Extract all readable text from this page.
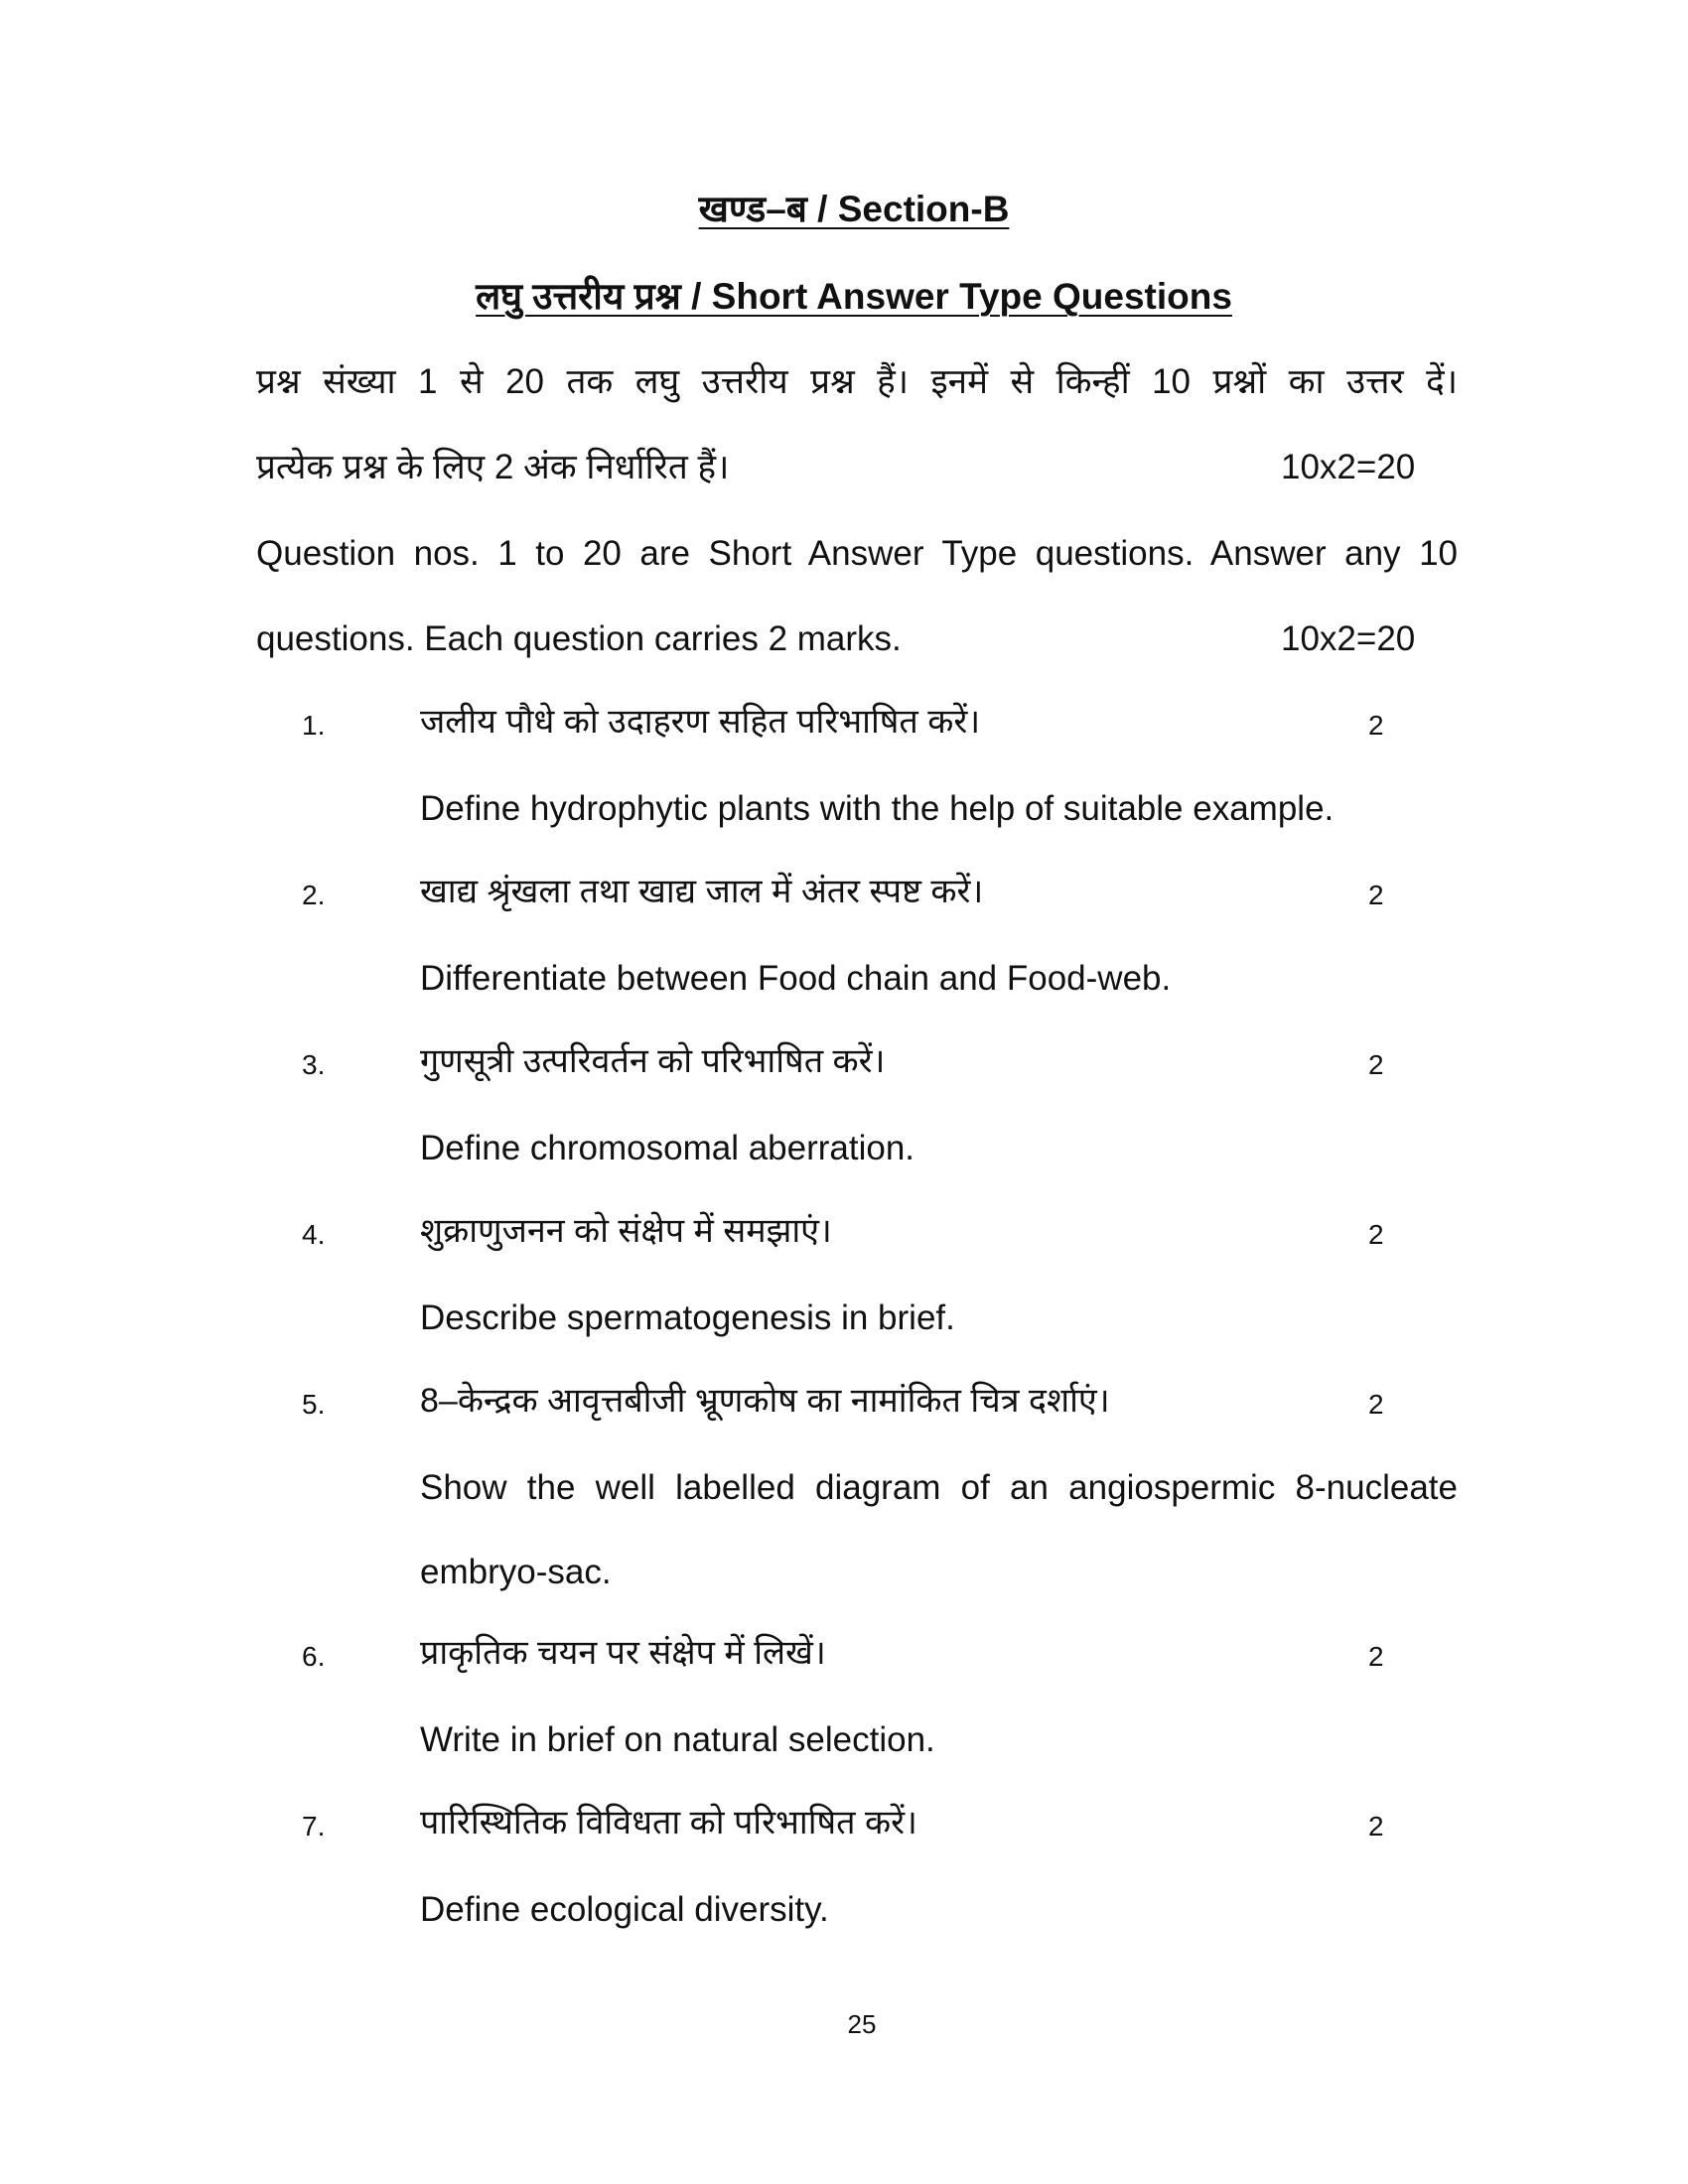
खण्ड–ब / Section-B
लघु उत्तरीय प्रश्न / Short Answer Type Questions
प्रश्न संख्या 1 से 20 तक लघु उत्तरीय प्रश्न हैं। इनमें से किन्हीं 10 प्रश्नों का उत्तर दें।
प्रत्येक प्रश्न के लिए 2 अंक निर्धारित हैं।	10x2=20
Question nos. 1 to 20 are Short Answer Type questions. Answer any 10
questions. Each question carries 2 marks.	10x2=20
1.	जलीय पौधे को उदाहरण सहित परिभाषित करें।	2
Define hydrophytic plants with the help of suitable example.
2.	खाद्य श्रृंखला तथा खाद्य जाल में अंतर स्पष्ट करें।	2
Differentiate between Food chain and Food-web.
3.	गुणसूत्री उत्परिवर्तन को परिभाषित करें।	2
Define chromosomal aberration.
4.	शुक्राणुजनन को संक्षेप में समझाएं।	2
Describe spermatogenesis in brief.
5.	8–केन्द्रक आवृत्तबीजी भ्रूणकोष का नामांकित चित्र दर्शाएं।	2
Show the well labelled diagram of an angiospermic 8-nucleate
embryo-sac.
6.	प्राकृतिक चयन पर संक्षेप में लिखें।	2
Write in brief on natural selection.
7.	पारिस्थितिक विविधता को परिभाषित करें।	2
Define ecological diversity.
25
